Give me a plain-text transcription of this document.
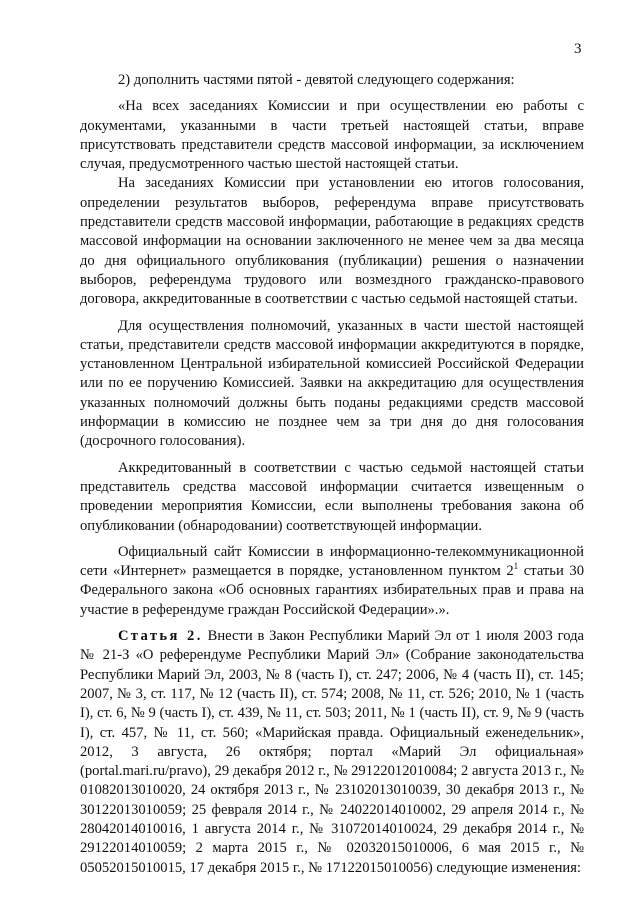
3

2) дополнить частями пятой - девятой следующего содержания:

«На всех заседаниях Комиссии и при осуществлении ею работы с документами, указанными в части третьей настоящей статьи, вправе присутствовать представители средств массовой информации, за исключением случая, предусмотренного частью шестой настоящей статьи.

На заседаниях Комиссии при установлении ею итогов голосования, определении результатов выборов, референдума вправе присутствовать представители средств массовой информации, работающие в редакциях средств массовой информации на основании заключенного не менее чем за два месяца до дня официального опубликования (публикации) решения о назначении выборов, референдума трудового или возмездного гражданско-правового договора, аккредитованные в соответствии с частью седьмой настоящей статьи.

Для осуществления полномочий, указанных в части шестой настоящей статьи, представители средств массовой информации аккредитуются в порядке, установленном Центральной избирательной комиссией Российской Федерации или по ее поручению Комиссией. Заявки на аккредитацию для осуществления указанных полномочий должны быть поданы редакциями средств массовой информации в комиссию не позднее чем за три дня до дня голосования (досрочного голосования).

Аккредитованный в соответствии с частью седьмой настоящей статьи представитель средства массовой информации считается извещенным о проведении мероприятия Комиссии, если выполнены требования закона об опубликовании (обнародовании) соответствующей информации.

Официальный сайт Комиссии в информационно-телекоммуникационной сети «Интернет» размещается в порядке, установленном пунктом $2^1$ статьи 30 Федерального закона «Об основных гарантиях избирательных прав и права на участие в референдуме граждан Российской Федерации».».

Статья 2. Внести в Закон Республики Марий Эл от 1 июля 2003 года № 21-З «О референдуме Республики Марий Эл» (Собрание законодательства Республики Марий Эл, 2003, № 8 (часть I), ст. 247; 2006, № 4 (часть II), ст. 145; 2007, № 3, ст. 117, № 12 (часть II), ст. 574; 2008, № 11, ст. 526; 2010, № 1 (часть I), ст. 6, № 9 (часть I), ст. 439, № 11, ст. 503; 2011, № 1 (часть II), ст. 9, № 9 (часть I), ст. 457, № 11, ст. 560; «Марийская правда. Официальный еженедельник», 2012, 3 августа, 26 октября; портал «Марий Эл официальная» (portal.mari.ru/pravo), 29 декабря 2012 г., № 29122012010084; 2 августа 2013 г., № 01082013010020, 24 октября 2013 г., № 23102013010039, 30 декабря 2013 г., № 30122013010059; 25 февраля 2014 г., № 24022014010002, 29 апреля 2014 г., № 28042014010016, 1 августа 2014 г., № 31072014010024, 29 декабря 2014 г., № 29122014010059; 2 марта 2015 г., № 02032015010006, 6 мая 2015 г., № 05052015010015, 17 декабря 2015 г., № 17122015010056) следующие изменения:
